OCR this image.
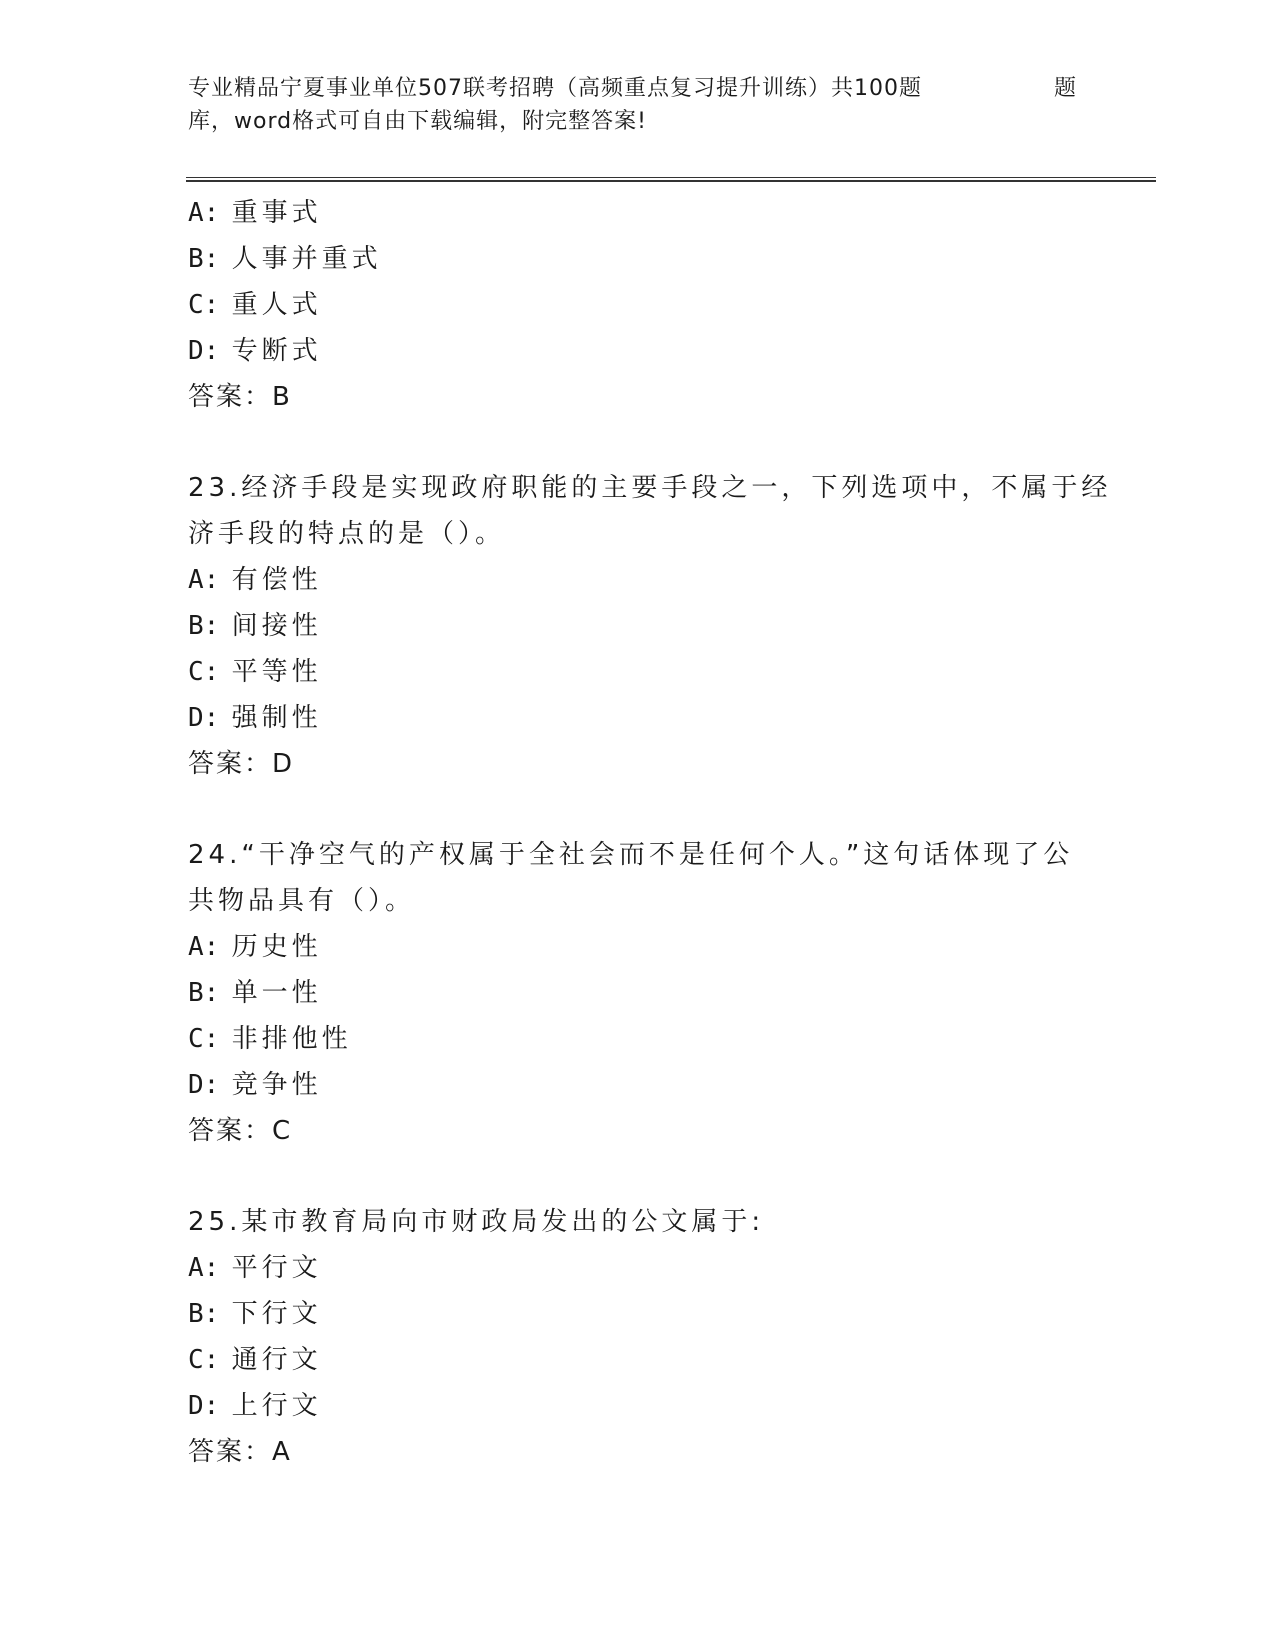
专业精品宁夏事业单位507联考招聘（高频重点复习提升训练）共100题	题
库，word格式可自由下载编辑，附完整答案!
A: 重事式
B: 人事并重式
C: 重人式
D: 专断式
答案：B
23.经济手段是实现政府职能的主要手段之一，下列选项中，不属于经
济手段的特点的是（）。
A: 有偿性
B: 间接性
C: 平等性
D: 强制性
答案：D
24.“干净空气的产权属于全社会而不是任何个人。”这句话体现了公
共物品具有（）。
A: 历史性
B: 单一性
C: 非排他性
D: 竞争性
答案：C
25.某市教育局向市财政局发出的公文属于:
A: 平行文
B: 下行文
C: 通行文
D: 上行文
答案：A
